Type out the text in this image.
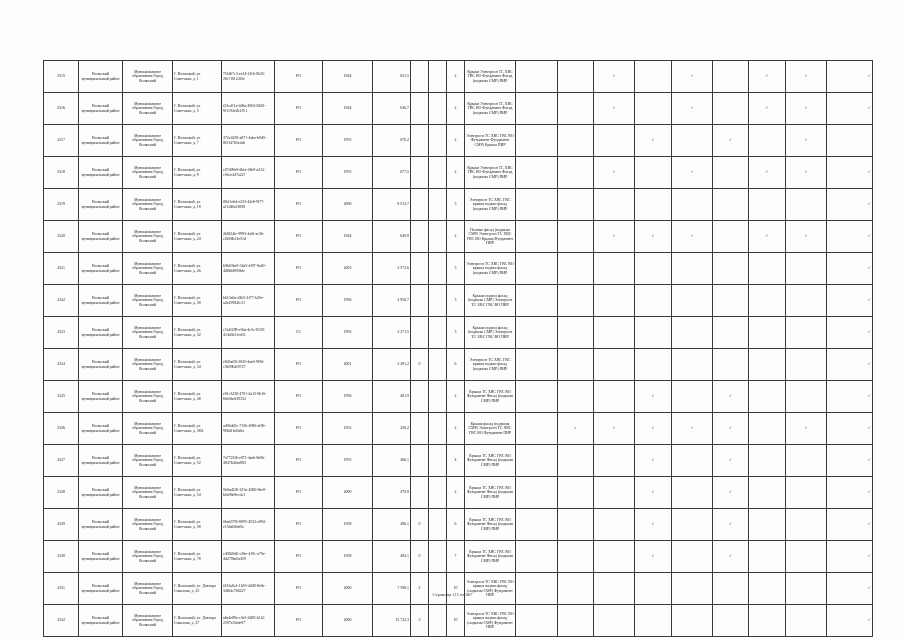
2315	Волжский муниципальный район	Муниципальное образование Город Волжский	Г. Волжский, ул. Советская, д. 1	7f3467c3-ee14-4f1b-9b35-28c7f0124f3e	РО	1944	631,5			2	Крыша Электросн ТС ХВС ГВС ВО Фундамент Фасад (подвалы СМР) ПИР			✓		✓		✓	✓	✓
2316	Волжский муниципальный район	Муниципальное образование Город Волжский	Г. Волжский, ул. Советская, д. 5	f23cd11a-b06a-4963-8465-9f1194e2b1f5.1	РО	1944	636,7			2	Крыша Электросн ТС ХВС ГВС ВО Фундамент Фасад (подвалы СМР) ПИР			✓		✓		✓	✓	✓
2317	Волжский муниципальный район	Муниципальное образование Город Волжский	Г. Волжский, ул. Советская, д. 7	372c4259-a871-4abe-b9d5-8f31d7b5e4a0	РО	1955	670,2			2	Электросн ТС ХВС ГВС ВО Фундамент Фундамент СМР) Крыша ПИР				✓		✓		✓	
2318	Волжский муниципальный район	Муниципальное образование Город Волжский	Г. Волжский, ул. Советская, д. 9	c07d09e9-dbfa-48e9-a412-c94ce447a227	РО	1955	677,5			2	Крыша Электросн ТС ХВС ГВС ВО Фундамент Фасад (подвалы СМР) ПИР			✓		✓		✓	✓	✓
2319	Волжский муниципальный район	Муниципальное образование Город Волжский	Г. Волжский, ул. Советская, д. 18	f0bf1e6d-e233-42e6-9f77-a11d46ef3098	РО	2008	9 513,7			5	Электросн ТС ХВС ГВС крыша подвал фасад (подвалы СМР) ПИР									✓
2320	Волжский муниципальный район	Муниципальное образование Город Волжский	Г. Волжский, ул. Советская, д. 24	2b8f24fc-9993-4a6f-ac5b-c0268b13e51d	РО	1944	649,8			2	Полные фасад (подвалы СМР) Электросн ТС ХВС ГВС ВО Крыша Фундамент ПИР			✓	✓	✓		✓	✓	✓
2321	Волжский муниципальный район	Муниципальное образование Город Волжский	Г. Волжский, ул. Советская, д. 26	b9b63be9-34a5-4f97-9a40-4d8b6f093bfe	РО	2003	5 573,6			5	Электросн ТС ХВС ГВС ВО крыша подвал фасад (подвалы СМР) ПИР									✓
2322	Волжский муниципальный район	Муниципальное образование Город Волжский	Г. Волжский, ул. Советская, д. 30	b613a0a-d2b5-4f77-b45e-a2e45984fc31	РО	1996	2 950,7			3	Крыша подвал фасад (подвалы СМР) Электросн ТС ХВС ГВС ВО ПИР									✓
2323	Волжский муниципальный район	Муниципальное образование Город Волжский	Г. Волжский, ул. Советская, д. 32	c7a4f288-e36a-4c5c-8150-414d4e11ed31	СС	1993	3 271,5			3	Крыша подвал фасад (подвалы СМР) Электросн ТС ХВС ГВС ВО ПИР									✓
2324	Волжский муниципальный район	Муниципальное образование Город Волжский	Г. Волжский, ул. Советская, д. 34	e9d3af0f-2045-4ae6-9f9d-c5b09b4f9727	РО	2001	5 491,2	0		6	Электросн ТС ХВС ГВС крыша подвал фасад (подвалы СМР) ПИР									✓
2325	Волжский муниципальный район	Муниципальное образование Город Волжский	Г. Волжский, ул. Советская, д. 48	e91c3230-4701-4a15-9b16-66e0bc639332	РО	1956	481,9			2	Крыша ТС ХВС ГВС ВО Фундамент Фасад (подвалы СМР) ПИР				✓		✓			✓
2326	Волжский муниципальный район	Муниципальное образование Город Волжский	Г. Волжский, ул. Советская, д. 38А	a406dd5c-715b-4986-af06-906d16d3a0a	РО	1952	438,2			2	Крыша фасад (подвалы СМР) Электросн ТС ХВС ГВС ВО Фундамент ПИР		✓	✓	✓	✓	✓		✓	✓
2327	Волжский муниципальный район	Муниципальное образование Город Волжский	Г. Волжский, ул. Советская, д. 52	7a7723f6-e071-4aeb-8e0b-4847b44ea883	РО	1955	466,1			4	Крыша ТС ХВС ГВС ВО Фундамент Фасад (подвалы СМР) ПИР				✓		✓			✓
2328	Волжский муниципальный район	Муниципальное образование Город Волжский	Г. Волжский, ул. Советская, д. 54	5b0ad230-413a-4580-8ee0-b0a96e9ecdc1	РО	2009	479,9			2	Крыша ТС ХВС ГВС ВО Фундамент Фасад (подвалы СМР) ПИР				✓		✓			✓
2329	Волжский муниципальный район	Муниципальное образование Город Волжский	Г. Волжский, ул. Советская, д. 58	0bab579f-8095-4533-a994-e136afb9af0c	РО	1958	496,1	0		6	Крыша ТС ХВС ГВС ВО Фундамент Фасад (подвалы СМР) ПИР				✓		✓			✓
2330	Волжский муниципальный район	Муниципальное образование Город Волжский	Г. Волжский, ул. Советская, д. 78	c4082640-c56e-419c-a70e-4d270be0a459	РО	1958	494,1	0		7	Крыша ТС ХВС ГВС ВО Фундамент Фасад (подвалы СМР) ПИР				✓		✓			✓
2331	Волжский муниципальный район	Муниципальное образование Город Волжский	Г. Волжский, ул. Доктора Соколова, д. 25	f433a0c4-1b93-4d38-8e0e-34f6dc7b6227	РО	2006	7 598,1	2		10	Электросн ТС ХВС ГВС ВО крыша подвал фасад (подвалы СМР) Фундамент ПИР									✓
2332	Волжский муниципальный район	Муниципальное образование Город Волжский	Г. Волжский, ул. Доктора Соколова, д. 27	a6e4e89a-c3e5-4485-b1f2-2597ef3ede97	РО	2006	15 722,3	3		10	Электросн ТС ХВС ГВС ВО крыша подвал фасад (подвалы СМР) Фундамент ПИР									✓
Страница 111 из 667
